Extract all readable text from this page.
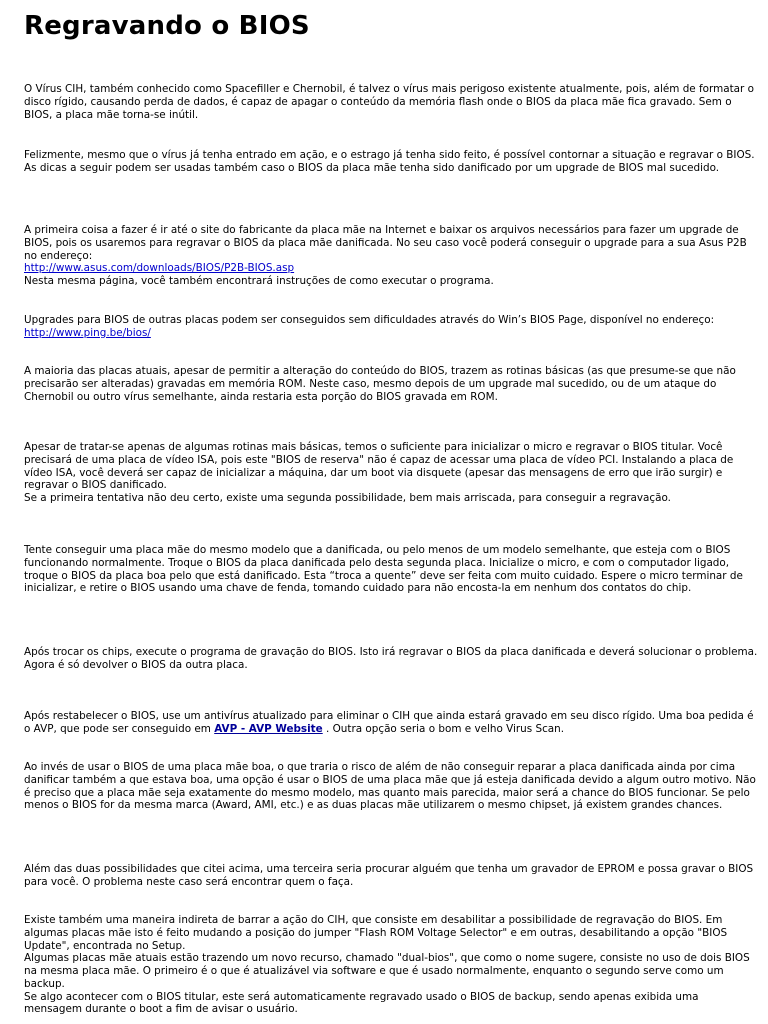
Regravando o BIOS

O Vírus CIH, também conhecido como Spacefiller e Chernobil, é talvez o vírus mais perigoso existente atualmente, pois, além de formatar o disco rígido, causando perda de dados, é capaz de apagar o conteúdo da memória flash onde o BIOS da placa mãe fica gravado. Sem o BIOS, a placa mãe torna-se inútil.

Felizmente, mesmo que o vírus já tenha entrado em ação, e o estrago já tenha sido feito, é possível contornar a situação e regravar o BIOS. As dicas a seguir podem ser usadas também caso o BIOS da placa mãe tenha sido danificado por um upgrade de BIOS mal sucedido.

A primeira coisa a fazer é ir até o site do fabricante da placa mãe na Internet e baixar os arquivos necessários para fazer um upgrade de BIOS, pois os usaremos para regravar o BIOS da placa mãe danificada. No seu caso você poderá conseguir o upgrade para a sua Asus P2B no endereço:

http://www.asus.com/downloads/BIOS/P2B-BIOS.asp

Nesta mesma página, você também encontrará instruções de como executar o programa.

Upgrades para BIOS de outras placas podem ser conseguidos sem dificuldades através do Win’s BIOS Page, disponível no endereço:

http://www.ping.be/bios/

A maioria das placas atuais, apesar de permitir a alteração do conteúdo do BIOS, trazem as rotinas básicas (as que presume-se que não precisarão ser alteradas) gravadas em memória ROM. Neste caso, mesmo depois de um upgrade mal sucedido, ou de um ataque do Chernobil ou outro vírus semelhante, ainda restaria esta porção do BIOS gravada em ROM.

Apesar de tratar-se apenas de algumas rotinas mais básicas, temos o suficiente para inicializar o micro e regravar o BIOS titular. Você precisará de uma placa de vídeo ISA, pois este "BIOS de reserva" não é capaz de acessar uma placa de vídeo PCI. Instalando a placa de vídeo ISA, você deverá ser capaz de inicializar a máquina, dar um boot via disquete (apesar das mensagens de erro que irão surgir) e regravar o BIOS danificado.

Se a primeira tentativa não deu certo, existe uma segunda possibilidade, bem mais arriscada, para conseguir a regravação.

Tente conseguir uma placa mãe do mesmo modelo que a danificada, ou pelo menos de um modelo semelhante, que esteja com o BIOS funcionando normalmente. Troque o BIOS da placa danificada pelo desta segunda placa. Inicialize o micro, e com o computador ligado, troque o BIOS da placa boa pelo que está danificado. Esta “troca a quente” deve ser feita com muito cuidado. Espere o micro terminar de inicializar, e retire o BIOS usando uma chave de fenda, tomando cuidado para não encosta-la em nenhum dos contatos do chip.

Após trocar os chips, execute o programa de gravação do BIOS. Isto irá regravar o BIOS da placa danificada e deverá solucionar o problema. Agora é só devolver o BIOS da outra placa.

Após restabelecer o BIOS, use um antivírus atualizado para eliminar o CIH que ainda estará gravado em seu disco rígido. Uma boa pedida é o AVP, que pode ser conseguido em AVP - AVP Website . Outra opção seria o bom e velho Virus Scan.

Ao invés de usar o BIOS de uma placa mãe boa, o que traria o risco de além de não conseguir reparar a placa danificada ainda por cima danificar também a que estava boa, uma opção é usar o BIOS de uma placa mãe que já esteja danificada devido a algum outro motivo. Não é preciso que a placa mãe seja exatamente do mesmo modelo, mas quanto mais parecida, maior será a chance do BIOS funcionar. Se pelo menos o BIOS for da mesma marca (Award, AMI, etc.) e as duas placas mãe utilizarem o mesmo chipset, já existem grandes chances.

Além das duas possibilidades que citei acima, uma terceira seria procurar alguém que tenha um gravador de EPROM e possa gravar o BIOS para você. O problema neste caso será encontrar quem o faça.

Existe também uma maneira indireta de barrar a ação do CIH, que consiste em desabilitar a possibilidade de regravação do BIOS. Em algumas placas mãe isto é feito mudando a posição do jumper "Flash ROM Voltage Selector" e em outras, desabilitando a opção "BIOS Update", encontrada no Setup.

Algumas placas mãe atuais estão trazendo um novo recurso, chamado "dual-bios", que como o nome sugere, consiste no uso de dois BIOS na mesma placa mãe. O primeiro é o que é atualizável via software e que é usado normalmente, enquanto o segundo serve como um backup.

Se algo acontecer com o BIOS titular, este será automaticamente regravado usado o BIOS de backup, sendo apenas exibida uma mensagem durante o boot a fim de avisar o usuário.
